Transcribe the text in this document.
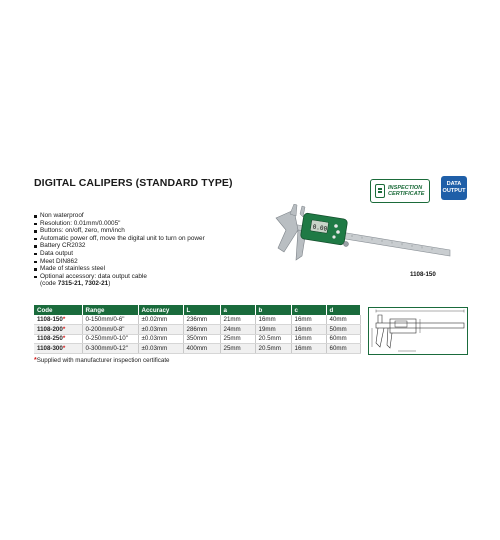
DIGITAL CALIPERS (STANDARD TYPE)	INSPECTION
CERTIFICATE
DATA
OUTPUT
Non waterproof
Resolution: 0.01mm/0.0005"
Buttons: on/off, zero, mm/inch
Automatic power off, move the digital unit to turn on power
Battery CR2032
Data output
Meet DIN862
Made of stainless steel
Optional accessory: data output cable
(code 7315-21, 7302-21)
0.00
1108-150
Code	Range	Accuracy	L	a	b	c	d
1108-150*	0-150mm/0-6"	±0.02mm	236mm	21mm	16mm	16mm	40mm
1108-200*	0-200mm/0-8"	±0.03mm	286mm	24mm	19mm	16mm	50mm
1108-250*	0-250mm/0-10"	±0.03mm	350mm	25mm	20.5mm	16mm	60mm
1108-300*	0-300mm/0-12"	±0.03mm	400mm	25mm	20.5mm	16mm	60mm
*Supplied with manufacturer inspection certificate
